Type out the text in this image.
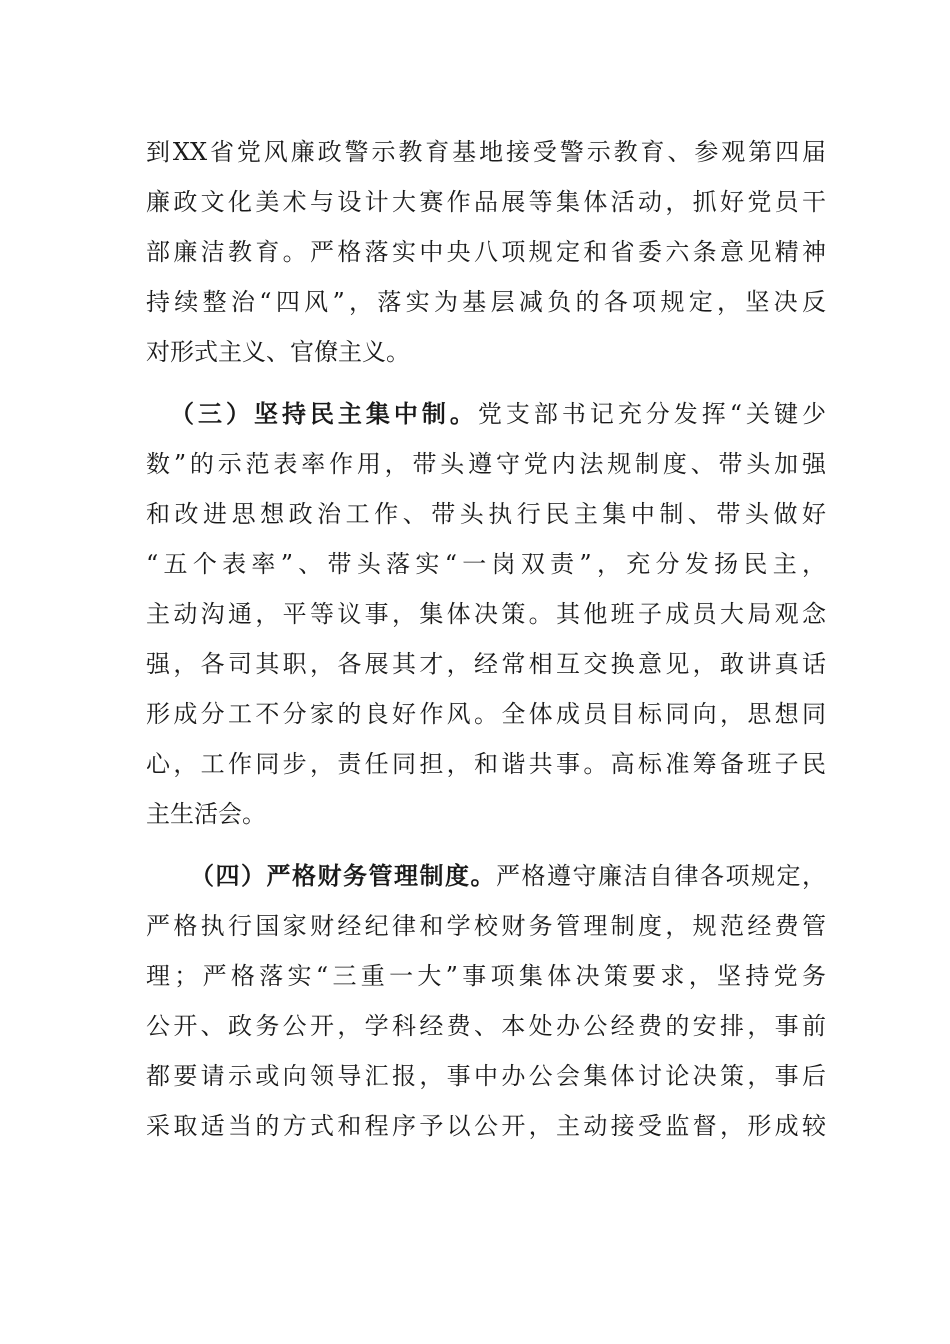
到XX省党风廉政警示教育基地接受警示教育、参观第四届
廉政文化美术与设计大赛作品展等集体活动，抓好党员干
部廉洁教育。严格落实中央八项规定和省委六条意见精神
持续整治“四风”，落实为基层减负的各项规定，坚决反
对形式主义、官僚主义。
（三）坚持民主集中制。党支部书记充分发挥“关键少
数”的示范表率作用，带头遵守党内法规制度、带头加强
和改进思想政治工作、带头执行民主集中制、带头做好
“五个表率”、带头落实“一岗双责”，充分发扬民主，
主动沟通，平等议事，集体决策。其他班子成员大局观念
强，各司其职，各展其才，经常相互交换意见，敢讲真话
形成分工不分家的良好作风。全体成员目标同向，思想同
心，工作同步，责任同担，和谐共事。高标准筹备班子民
主生活会。
（四）严格财务管理制度。严格遵守廉洁自律各项规定，
严格执行国家财经纪律和学校财务管理制度，规范经费管
理；严格落实“三重一大”事项集体决策要求，坚持党务
公开、政务公开，学科经费、本处办公经费的安排，事前
都要请示或向领导汇报，事中办公会集体讨论决策，事后
采取适当的方式和程序予以公开，主动接受监督，形成较
